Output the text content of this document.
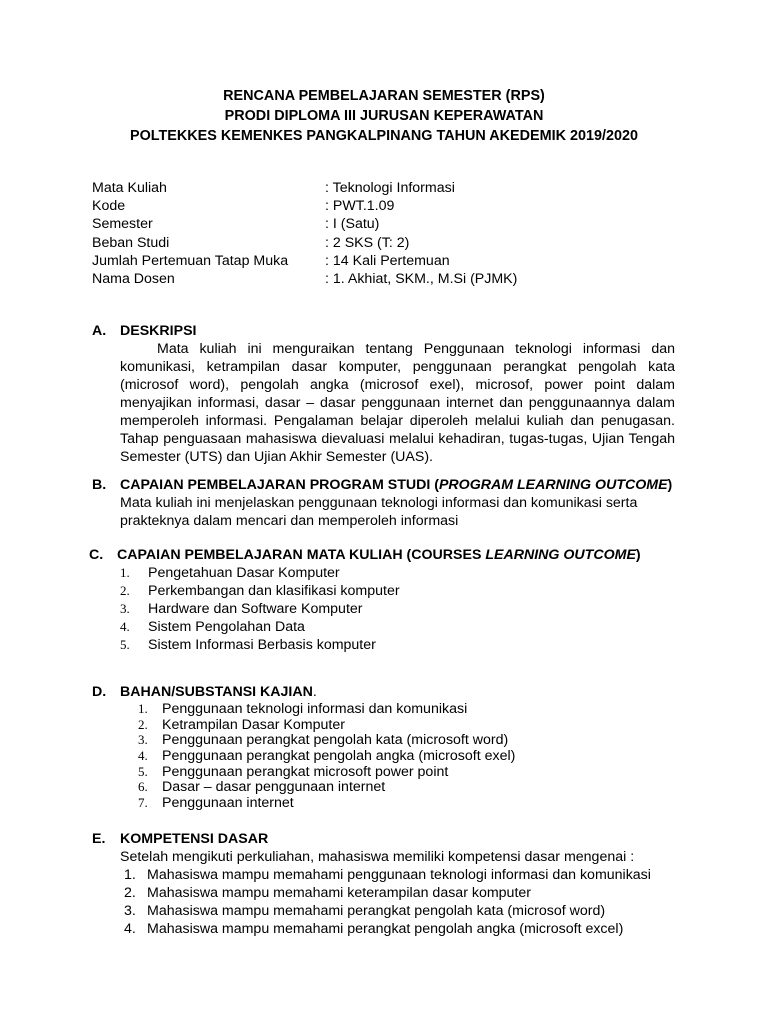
RENCANA PEMBELAJARAN SEMESTER (RPS)
PRODI DIPLOMA III JURUSAN KEPERAWATAN
POLTEKKES KEMENKES PANGKALPINANG TAHUN AKEDEMIK 2019/2020
Mata Kuliah	: Teknologi Informasi
Kode	: PWT.1.09
Semester	: I (Satu)
Beban Studi	: 2 SKS (T: 2)
Jumlah Pertemuan Tatap Muka	: 14 Kali Pertemuan
Nama Dosen	: 1. Akhiat, SKM., M.Si (PJMK)
A. DESKRIPSI
Mata kuliah ini menguraikan tentang Penggunaan teknologi informasi dan komunikasi, ketrampilan dasar komputer, penggunaan perangkat pengolah kata (microsof word), pengolah angka (microsof exel), microsof, power point dalam menyajikan informasi, dasar – dasar penggunaan internet dan penggunaannya dalam memperoleh informasi. Pengalaman belajar diperoleh melalui kuliah dan penugasan. Tahap penguasaan mahasiswa dievaluasi melalui kehadiran, tugas-tugas, Ujian Tengah Semester (UTS) dan Ujian Akhir Semester (UAS).
B. CAPAIAN PEMBELAJARAN PROGRAM STUDI (PROGRAM LEARNING OUTCOME)
Mata kuliah ini menjelaskan penggunaan teknologi informasi dan komunikasi serta prakteknya dalam mencari dan memperoleh informasi
C. CAPAIAN PEMBELAJARAN MATA KULIAH (COURSES LEARNING OUTCOME)
1.	Pengetahuan Dasar Komputer
2.	Perkembangan dan klasifikasi komputer
3.	Hardware dan Software Komputer
4.	Sistem Pengolahan Data
5.	Sistem Informasi Berbasis komputer
D. BAHAN/SUBSTANSI KAJIAN.
1.	Penggunaan teknologi informasi dan komunikasi
2.	Ketrampilan Dasar Komputer
3.	Penggunaan perangkat pengolah kata (microsoft word)
4.	Penggunaan perangkat pengolah angka (microsoft exel)
5.	Penggunaan perangkat microsoft power point
6.	Dasar – dasar penggunaan internet
7.	Penggunaan internet
E.	KOMPETENSI DASAR
Setelah mengikuti perkuliahan, mahasiswa memiliki kompetensi dasar mengenai :
1. Mahasiswa mampu memahami penggunaan teknologi informasi dan komunikasi
2. Mahasiswa mampu memahami keterampilan dasar komputer
3. Mahasiswa mampu memahami perangkat pengolah kata (microsof word)
4. Mahasiswa mampu memahami perangkat pengolah angka (microsoft excel)
